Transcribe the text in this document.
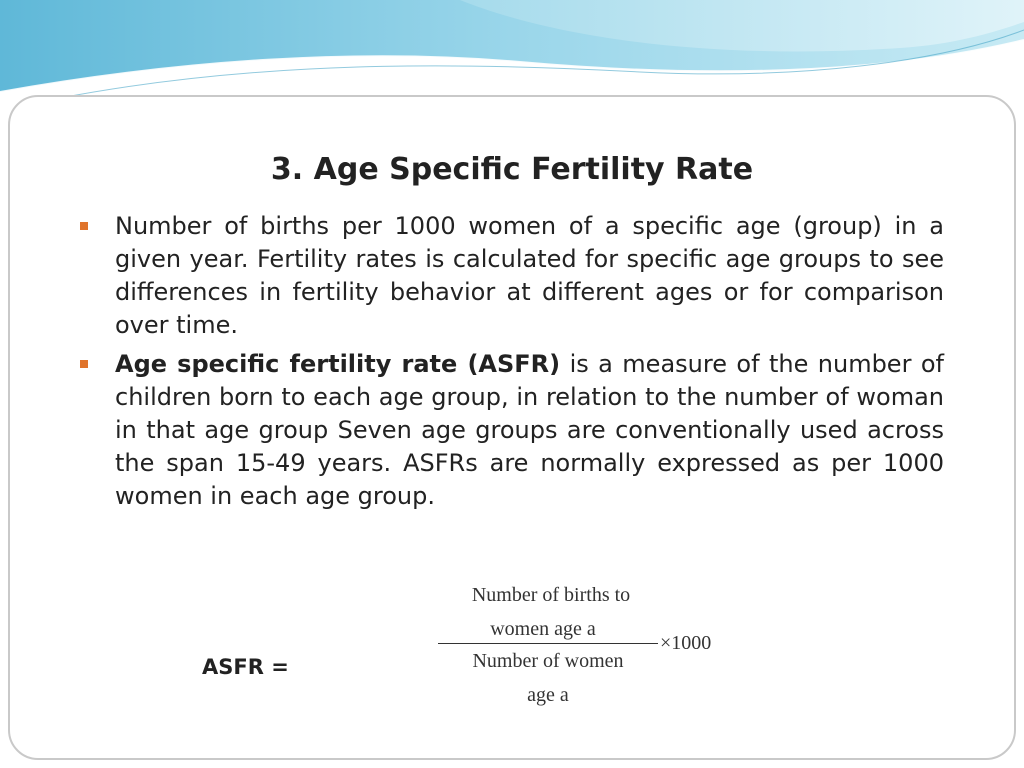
3. Age Specific Fertility Rate
Number of births per 1000 women of a specific age (group) in a given year. Fertility rates is calculated for specific age groups to see differences in fertility behavior at different ages or for comparison over time.
Age specific fertility rate (ASFR) is a measure of the number of children born to each age group, in relation to the number of woman in that age group Seven age groups are conventionally used across the span 15-49 years. ASFRs are normally expressed as per 1000 women in each age group.
ASFR =

Number of births to

women age a

×1000

Number of women

age a
